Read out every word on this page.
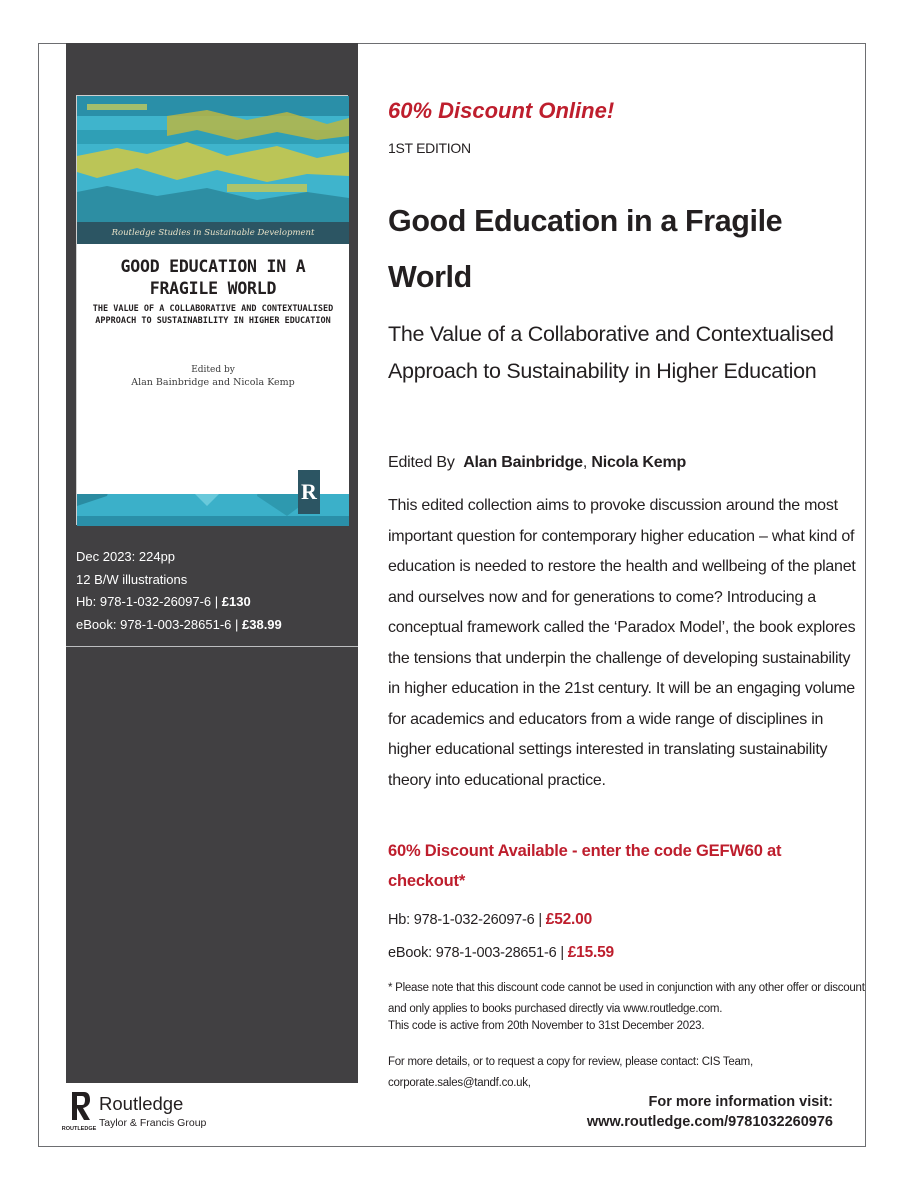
Routledge Studies in Sustainable Development
GOOD EDUCATION IN A FRAGILE WORLD
THE VALUE OF A COLLABORATIVE AND CONTEXTUALISED APPROACH TO SUSTAINABILITY IN HIGHER EDUCATION
Edited by
Alan Bainbridge and Nicola Kemp
R
Dec 2023: 224pp
12 B/W illustrations
Hb: 978-1-032-26097-6 | £130
eBook: 978-1-003-28651-6 | £38.99
ROUTLEDGE
Routledge
Taylor & Francis Group
60% Discount Online!
1ST EDITION
Good Education in a Fragile World
The Value of a Collaborative and Contextualised Approach to Sustainability in Higher Education
Edited By Alan Bainbridge, Nicola Kemp
This edited collection aims to provoke discussion around the most important question for contemporary higher education – what kind of education is needed to restore the health and wellbeing of the planet and ourselves now and for generations to come? Introducing a conceptual framework called the ‘Paradox Model’, the book explores the tensions that underpin the challenge of developing sustainability in higher education in the 21st century. It will be an engaging volume for academics and educators from a wide range of disciplines in higher educational settings interested in translating sustainability theory into educational practice.
60% Discount Available - enter the code GEFW60 at checkout*
Hb: 978-1-032-26097-6 | £52.00
eBook: 978-1-003-28651-6 | £15.59
* Please note that this discount code cannot be used in conjunction with any other offer or discount and only applies to books purchased directly via www.routledge.com.
This code is active from 20th November to 31st December 2023.
For more details, or to request a copy for review, please contact: CIS Team, corporate.sales@tandf.co.uk,
For more information visit:
www.routledge.com/9781032260976
